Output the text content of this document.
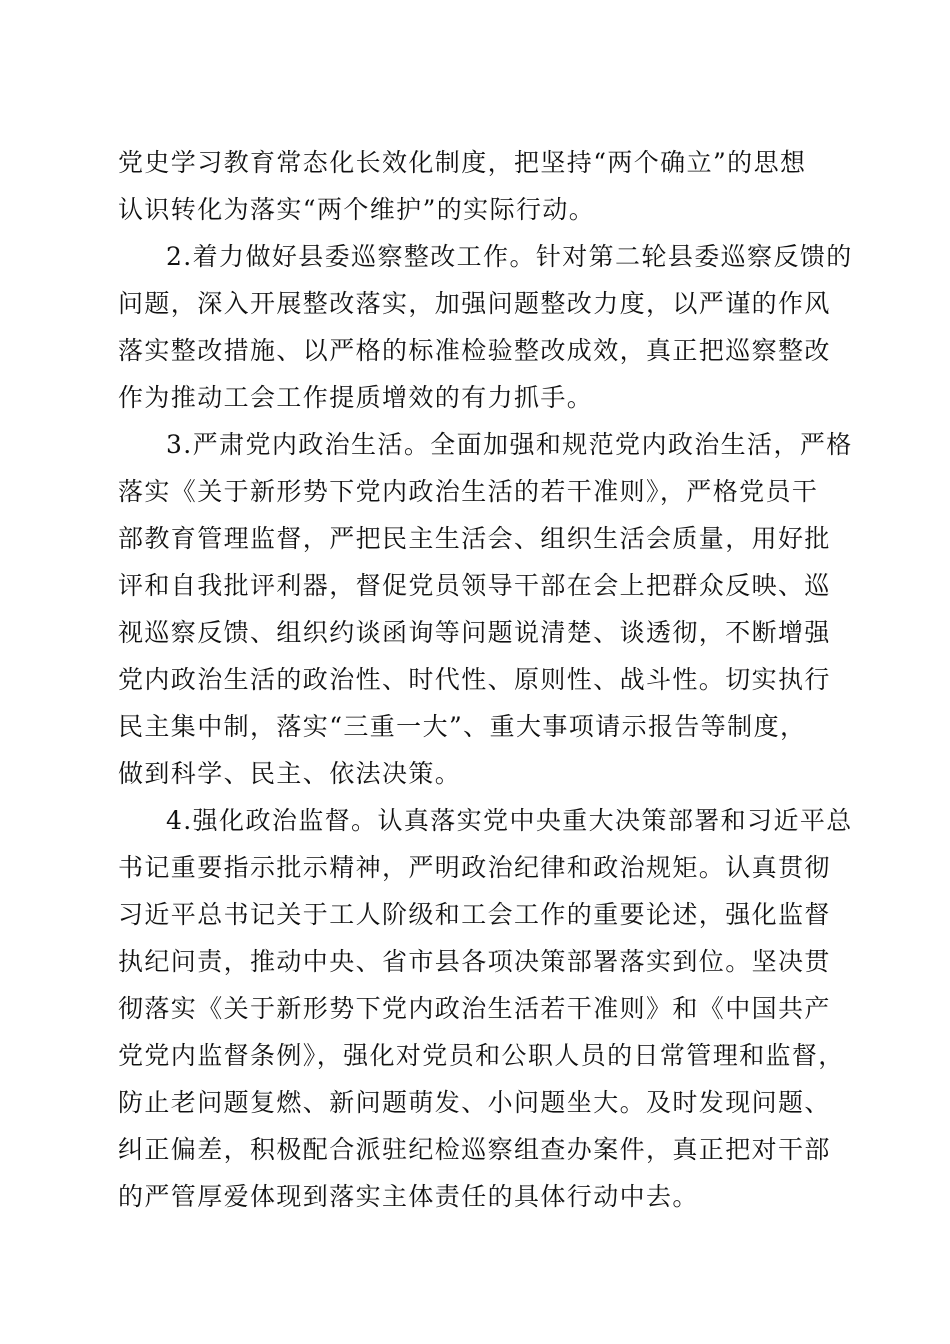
党史学习教育常态化长效化制度，把坚持“两个确立”的思想
认识转化为落实“两个维护”的实际行动。
2.着力做好县委巡察整改工作。针对第二轮县委巡察反馈的
问题，深入开展整改落实，加强问题整改力度，以严谨的作风
落实整改措施、以严格的标准检验整改成效，真正把巡察整改
作为推动工会工作提质增效的有力抓手。
3.严肃党内政治生活。全面加强和规范党内政治生活，严格
落实《关于新形势下党内政治生活的若干准则》，严格党员干
部教育管理监督，严把民主生活会、组织生活会质量，用好批
评和自我批评利器，督促党员领导干部在会上把群众反映、巡
视巡察反馈、组织约谈函询等问题说清楚、谈透彻，不断增强
党内政治生活的政治性、时代性、原则性、战斗性。切实执行
民主集中制，落实“三重一大”、重大事项请示报告等制度，
做到科学、民主、依法决策。
4.强化政治监督。认真落实党中央重大决策部署和习近平总
书记重要指示批示精神，严明政治纪律和政治规矩。认真贯彻
习近平总书记关于工人阶级和工会工作的重要论述，强化监督
执纪问责，推动中央、省市县各项决策部署落实到位。坚决贯
彻落实《关于新形势下党内政治生活若干准则》和《中国共产
党党内监督条例》，强化对党员和公职人员的日常管理和监督，
防止老问题复燃、新问题萌发、小问题坐大。及时发现问题、
纠正偏差，积极配合派驻纪检巡察组查办案件，真正把对干部
的严管厚爱体现到落实主体责任的具体行动中去。
